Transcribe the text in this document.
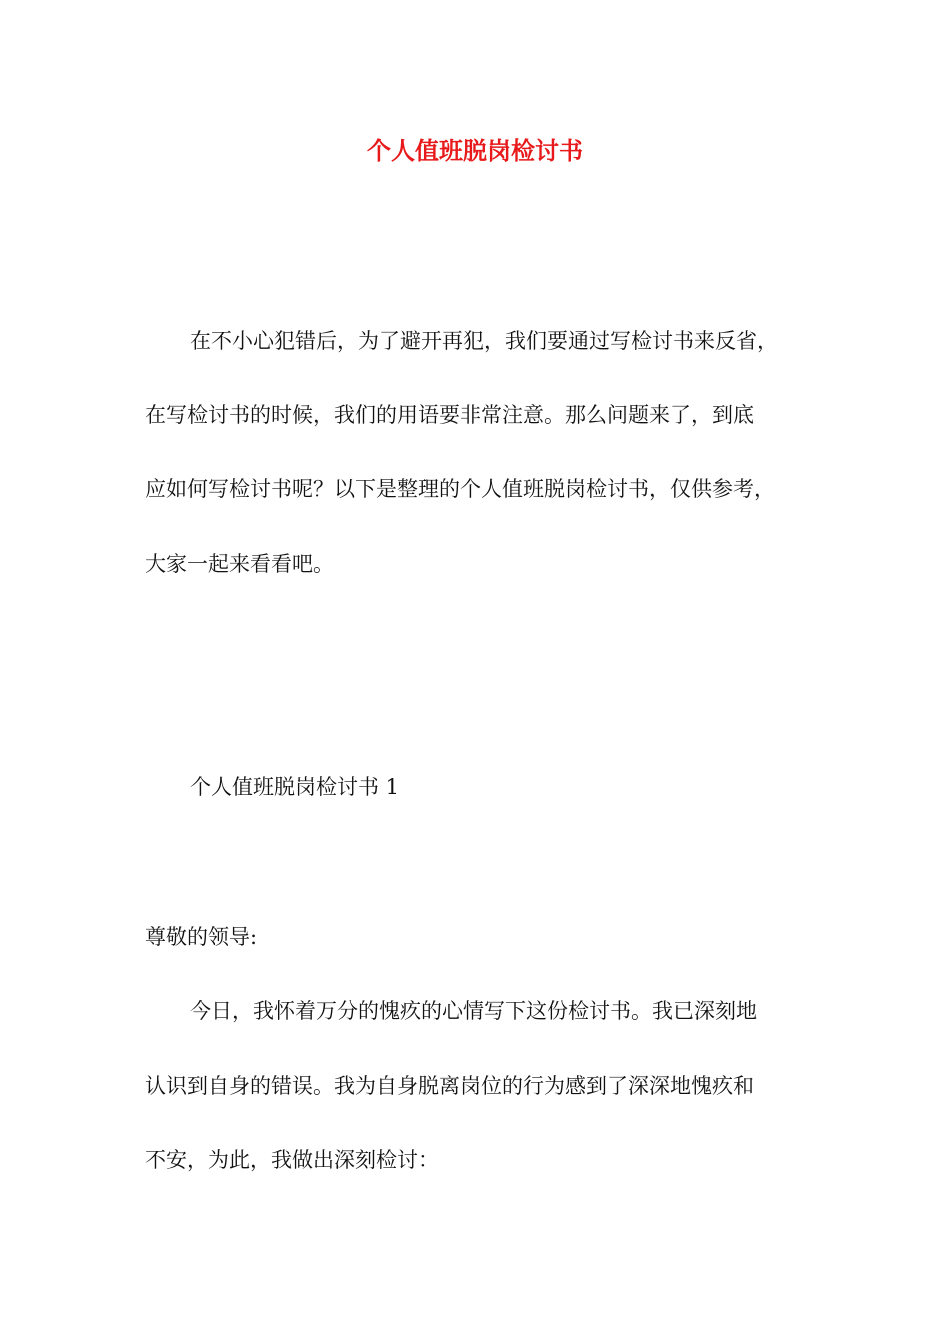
个人值班脱岗检讨书

在不小心犯错后，为了避开再犯，我们要通过写检讨书来反省，

在写检讨书的时候，我们的用语要非常注意。那么问题来了，到底

应如何写检讨书呢？以下是整理的个人值班脱岗检讨书，仅供参考，

大家一起来看看吧。

个人值班脱岗检讨书 1

尊敬的领导:

今日，我怀着万分的愧疚的心情写下这份检讨书。我已深刻地

认识到自身的错误。我为自身脱离岗位的行为感到了深深地愧疚和

不安，为此，我做出深刻检讨：
